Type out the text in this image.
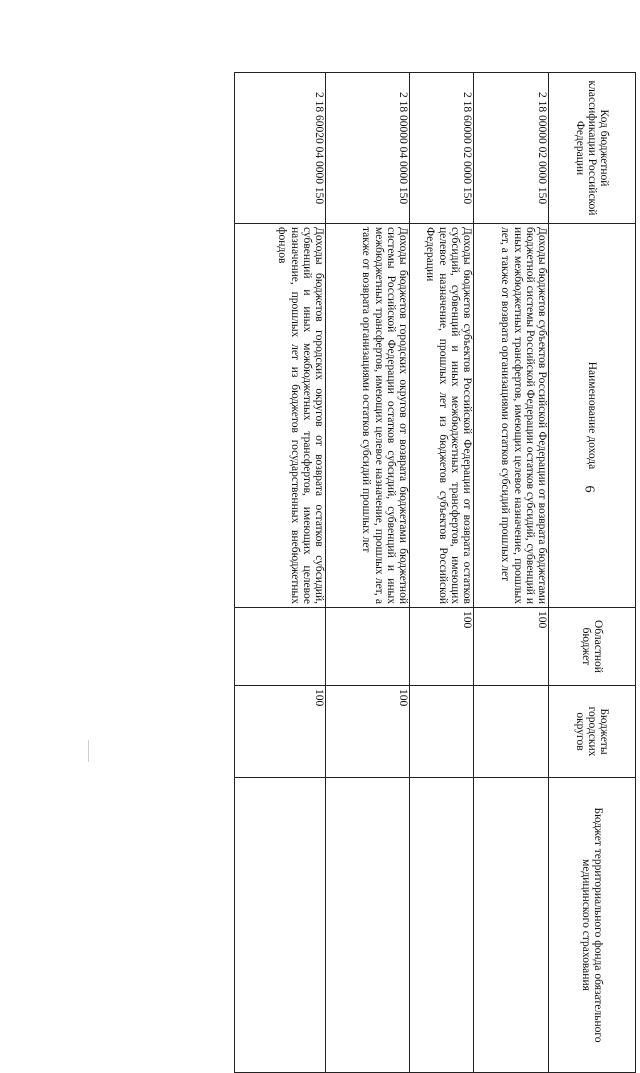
6
Код бюджетной классификации Российской Федерации	Наименование дохода	Областной бюджет	Бюджеты городских округов	Бюджет территориального фонда обязательного медицинского страхования
2 18 00000 02 0000 150	Доходы бюджетов субъектов Российской Федерации от возврата бюджетами бюджетной системы Российской Федерации остатков субсидий, субвенций и иных межбюджетных трансфертов, имеющих целевое назначение, прошлых лет, а также от возврата организациями остатков субсидий прошлых лет	100		
2 18 60000 02 0000 150	Доходы бюджетов субъектов Российской Федерации от возврата остатков субсидий, субвенций и иных межбюджетных трансфертов, имеющих целевое назначение, прошлых лет из бюджетов субъектов Российской Федерации	100		
2 18 00000 04 0000 150	Доходы бюджетов городских округов от возврата бюджетами бюджетной системы Российской Федерации остатков субсидий, субвенций и иных межбюджетных трансфертов, имеющих целевое назначение, прошлых лет, а также от возврата организациями остатков субсидий прошлых лет		100	
2 18 60020 04 0000 150	Доходы бюджетов городских округов от возврата остатков субсидий, субвенций и иных межбюджетных трансфертов, имеющих целевое назначение, прошлых лет из бюджетов государственных внебюджетных фондов		100	
